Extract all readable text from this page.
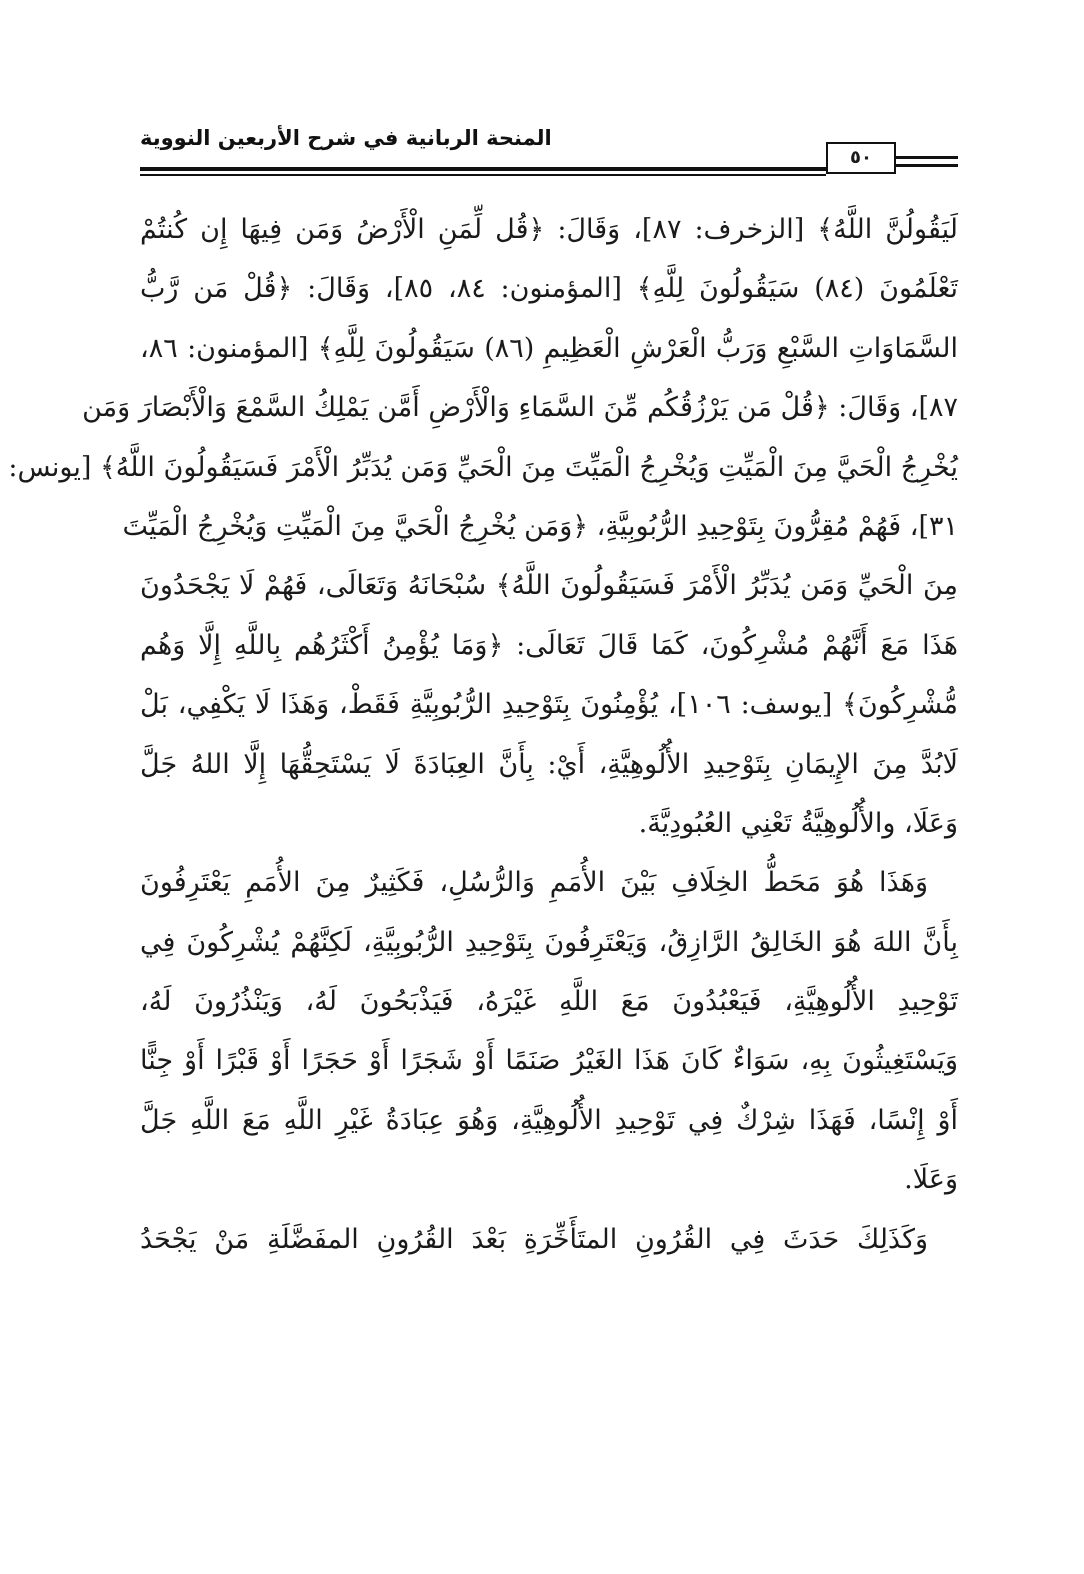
المنحة الربانية في شرح الأربعين النووية
٥٠
لَيَقُولُنَّ اللَّهُ﴾ [الزخرف: ٨٧]، وَقَالَ: ﴿قُل لِّمَنِ الْأَرْضُ وَمَن فِيهَا إِن كُنتُمْ
تَعْلَمُونَ (٨٤) سَيَقُولُونَ لِلَّهِ﴾ [المؤمنون: ٨٤، ٨٥]، وَقَالَ: ﴿قُلْ مَن رَّبُّ
السَّمَاوَاتِ السَّبْعِ وَرَبُّ الْعَرْشِ الْعَظِيمِ (٨٦) سَيَقُولُونَ لِلَّهِ﴾ [المؤمنون: ٨٦،
٨٧]، وَقَالَ: ﴿قُلْ مَن يَرْزُقُكُم مِّنَ السَّمَاءِ وَالْأَرْضِ أَمَّن يَمْلِكُ السَّمْعَ وَالْأَبْصَارَ وَمَن
يُخْرِجُ الْحَيَّ مِنَ الْمَيِّتِ وَيُخْرِجُ الْمَيِّتَ مِنَ الْحَيِّ وَمَن يُدَبِّرُ الْأَمْرَ فَسَيَقُولُونَ اللَّهُ﴾ [يونس:
٣١]، فَهُمْ مُقِرُّونَ بِتَوْحِيدِ الرُّبُوبِيَّةِ، ﴿وَمَن يُخْرِجُ الْحَيَّ مِنَ الْمَيِّتِ وَيُخْرِجُ الْمَيِّتَ
مِنَ الْحَيِّ وَمَن يُدَبِّرُ الْأَمْرَ فَسَيَقُولُونَ اللَّهُ﴾ سُبْحَانَهُ وَتَعَالَى، فَهُمْ لَا يَجْحَدُونَ
هَذَا مَعَ أَنَّهُمْ مُشْرِكُونَ، كَمَا قَالَ تَعَالَى: ﴿وَمَا يُؤْمِنُ أَكْثَرُهُم بِاللَّهِ إِلَّا وَهُم
مُّشْرِكُونَ﴾ [يوسف: ١٠٦]، يُؤْمِنُونَ بِتَوْحِيدِ الرُّبُوبِيَّةِ فَقَطْ، وَهَذَا لَا يَكْفِي، بَلْ
لَابُدَّ مِنَ الإِيمَانِ بِتَوْحِيدِ الأُلُوهِيَّةِ، أَيْ: بِأَنَّ العِبَادَةَ لَا يَسْتَحِقُّهَا إِلَّا اللهُ جَلَّ
وَعَلَا، والأُلُوهِيَّةُ تَعْنِي العُبُودِيَّةَ.
وَهَذَا هُوَ مَحَطُّ الخِلَافِ بَيْنَ الأُمَمِ وَالرُّسُلِ، فَكَثِيرٌ مِنَ الأُمَمِ يَعْتَرِفُونَ
بِأَنَّ اللهَ هُوَ الخَالِقُ الرَّازِقُ، وَيَعْتَرِفُونَ بِتَوْحِيدِ الرُّبُوبِيَّةِ، لَكِنَّهُمْ يُشْرِكُونَ فِي
تَوْحِيدِ الأُلُوهِيَّةِ، فَيَعْبُدُونَ مَعَ اللَّهِ غَيْرَهُ، فَيَذْبَحُونَ لَهُ، وَيَنْذُرُونَ لَهُ،
وَيَسْتَغِيثُونَ بِهِ، سَوَاءٌ كَانَ هَذَا الغَيْرُ صَنَمًا أَوْ شَجَرًا أَوْ حَجَرًا أَوْ قَبْرًا أَوْ جِنًّا
أَوْ إِنْسًا، فَهَذَا شِرْكٌ فِي تَوْحِيدِ الأُلُوهِيَّةِ، وَهُوَ عِبَادَةُ غَيْرِ اللَّهِ مَعَ اللَّهِ جَلَّ
وَعَلَا.
وَكَذَلِكَ حَدَثَ فِي القُرُونِ المتَأَخِّرَةِ بَعْدَ القُرُونِ المفَضَّلَةِ مَنْ يَجْحَدُ
